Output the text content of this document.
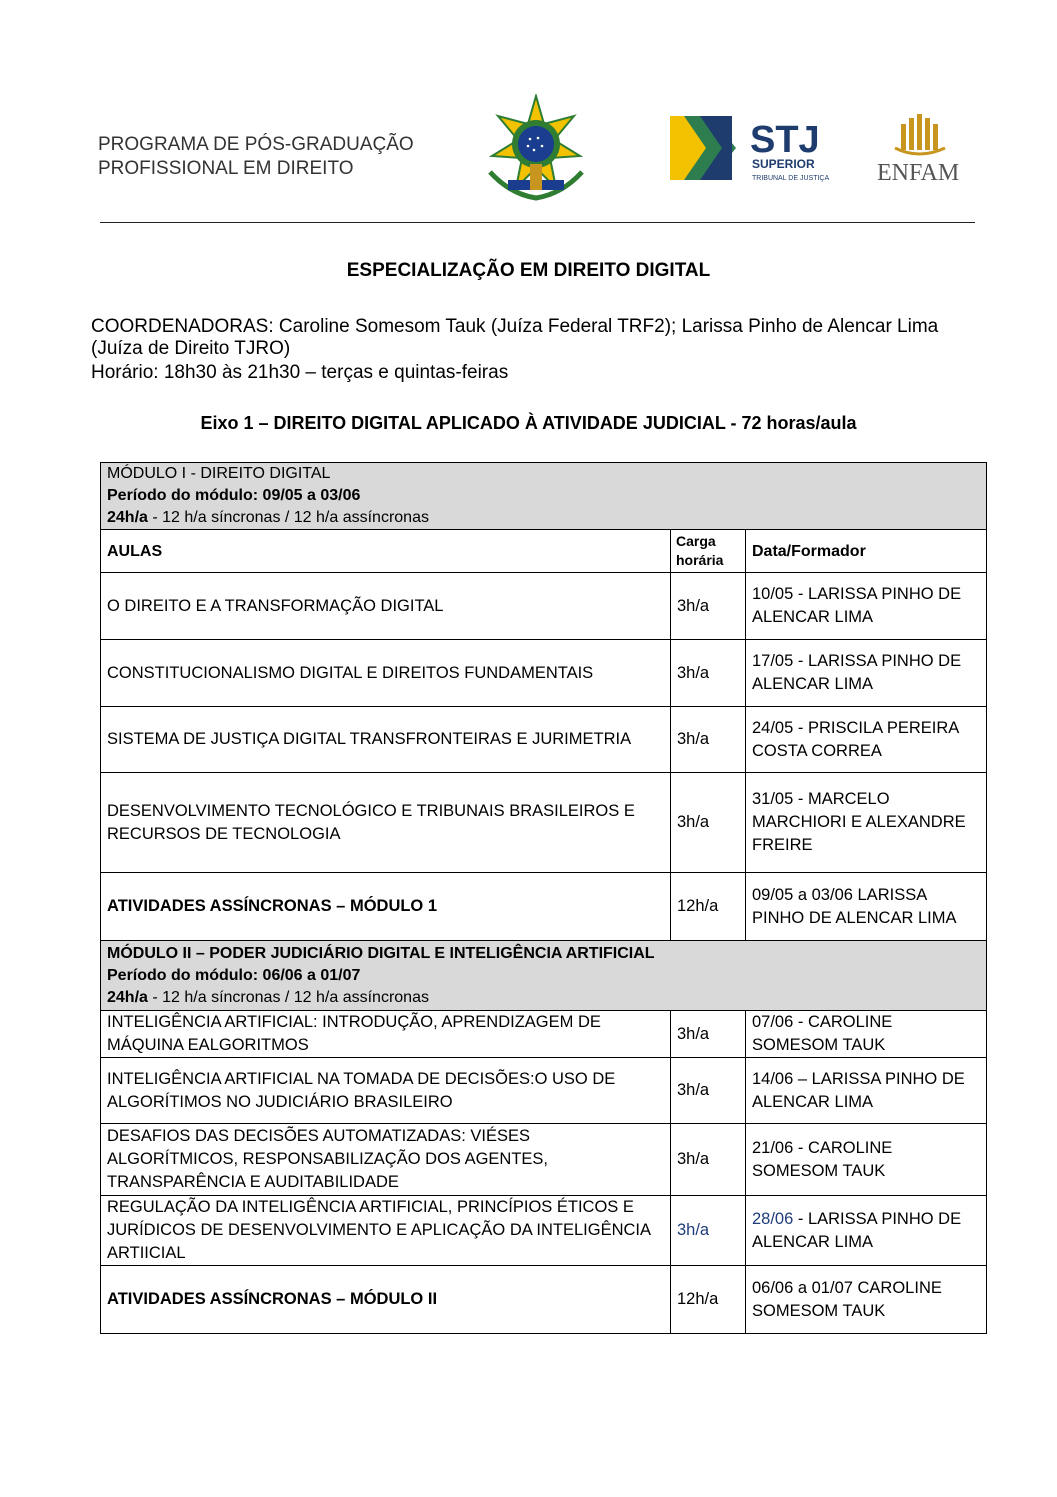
PROGRAMA DE PÓS-GRADUAÇÃO
PROFISSIONAL EM DIREITO
STJ
SUPERIOR
TRIBUNAL DE JUSTIÇA ENFAM
ESPECIALIZAÇÃO EM DIREITO DIGITAL
COORDENADORAS: Caroline Somesom Tauk (Juíza Federal TRF2); Larissa Pinho de Alencar Lima (Juíza de Direito TJRO)
Horário: 18h30 às 21h30 – terças e quintas-feiras
Eixo 1 – DIREITO DIGITAL APLICADO À ATIVIDADE JUDICIAL - 72 horas/aula
MÓDULO I - DIREITO DIGITAL
Período do módulo: 09/05 a 03/06
24h/a - 12 h/a síncronas / 12 h/a assíncronas		

AULAS	Carga horária	Data/Formador
O DIREITO E A TRANSFORMAÇÃO DIGITAL	3h/a	10/05 - LARISSA PINHO DE ALENCAR LIMA
CONSTITUCIONALISMO DIGITAL E DIREITOS FUNDAMENTAIS	3h/a	17/05 - LARISSA PINHO DE ALENCAR LIMA
SISTEMA DE JUSTIÇA DIGITAL TRANSFRONTEIRAS E JURIMETRIA	3h/a	24/05 - PRISCILA PEREIRA COSTA CORREA
DESENVOLVIMENTO TECNOLÓGICO E TRIBUNAIS BRASILEIROS E RECURSOS DE TECNOLOGIA	3h/a	31/05 - MARCELO MARCHIORI E ALEXANDRE FREIRE
ATIVIDADES ASSÍNCRONAS – MÓDULO 1	12h/a	09/05 a 03/06 LARISSA PINHO DE ALENCAR LIMA

MÓDULO II – PODER JUDICIÁRIO DIGITAL E INTELIGÊNCIA ARTIFICIAL
Período do módulo: 06/06 a 01/07
24h/a - 12 h/a síncronas / 12 h/a assíncronas		

INTELIGÊNCIA ARTIFICIAL: INTRODUÇÃO, APRENDIZAGEM DE MÁQUINA EALGORITMOS	3h/a	07/06 - CAROLINE SOMESOM TAUK
INTELIGÊNCIA ARTIFICIAL NA TOMADA DE DECISÕES:O USO DE ALGORÍTIMOS NO JUDICIÁRIO BRASILEIRO	3h/a	14/06 – LARISSA PINHO DE ALENCAR LIMA
DESAFIOS DAS DECISÕES AUTOMATIZADAS: VIÉSES ALGORÍTMICOS, RESPONSABILIZAÇÃO DOS AGENTES, TRANSPARÊNCIA E AUDITABILIDADE	3h/a	21/06 - CAROLINE SOMESOM TAUK
REGULAÇÃO DA INTELIGÊNCIA ARTIFICIAL, PRINCÍPIOS ÉTICOS E JURÍDICOS DE DESENVOLVIMENTO E APLICAÇÃO DA INTELIGÊNCIA ARTIICIAL	3h/a	28/06 - LARISSA PINHO DE ALENCAR LIMA
ATIVIDADES ASSÍNCRONAS – MÓDULO II	12h/a	06/06 a 01/07 CAROLINE SOMESOM TAUK
